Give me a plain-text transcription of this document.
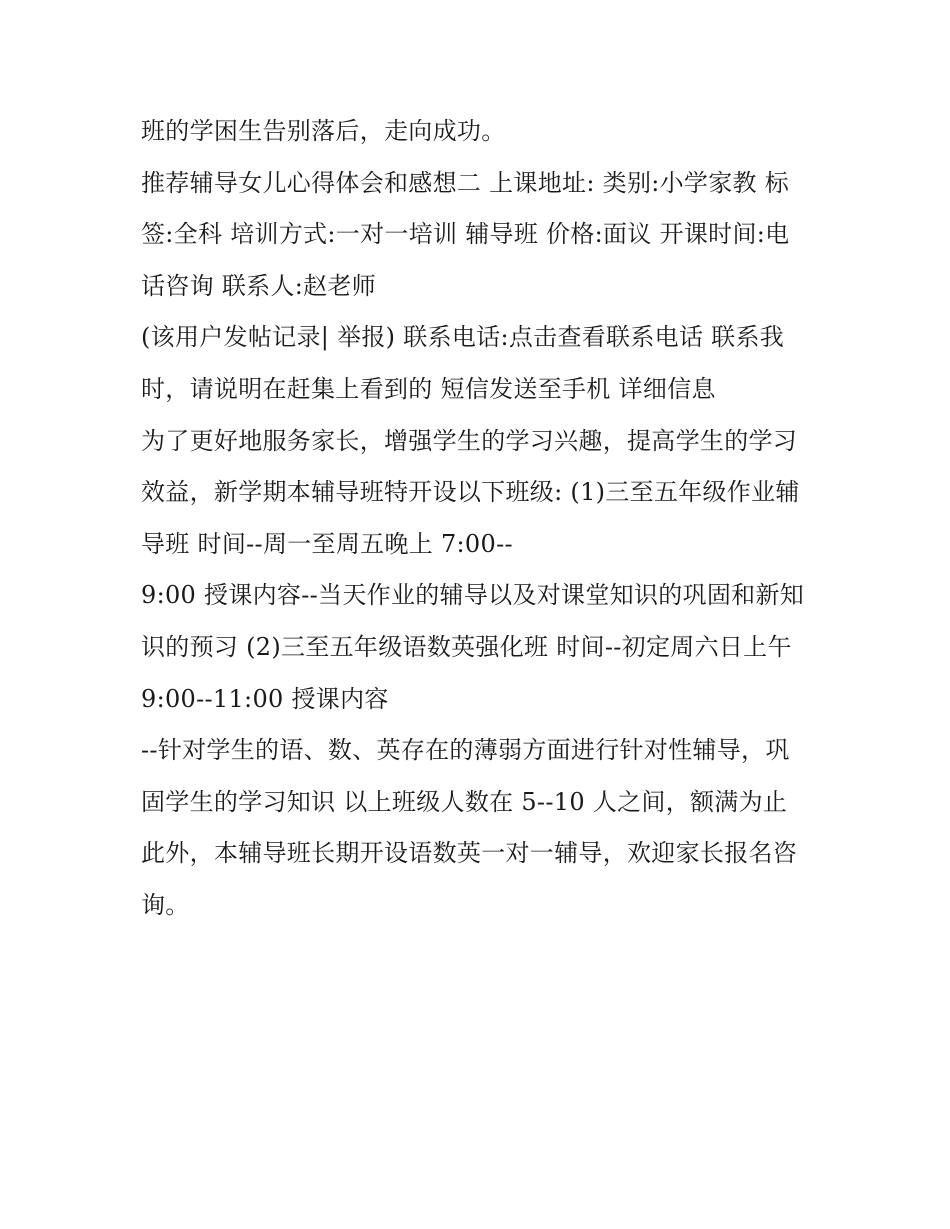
班的学困生告别落后，走向成功。
推荐辅导女儿心得体会和感想二 上课地址: 类别:小学家教 标
签:全科 培训方式:一对一培训 辅导班 价格:面议 开课时间:电
话咨询 联系人:赵老师
(该用户发帖记录| 举报) 联系电话:点击查看联系电话 联系我
时，请说明在赶集上看到的 短信发送至手机 详细信息
为了更好地服务家长，增强学生的学习兴趣，提高学生的学习
效益，新学期本辅导班特开设以下班级: (1)三至五年级作业辅
导班 时间--周一至周五晚上 7:00--
9:00 授课内容--当天作业的辅导以及对课堂知识的巩固和新知
识的预习 (2)三至五年级语数英强化班 时间--初定周六日上午
9:00--11:00 授课内容
--针对学生的语、数、英存在的薄弱方面进行针对性辅导，巩
固学生的学习知识 以上班级人数在 5--10 人之间，额满为止
此外，本辅导班长期开设语数英一对一辅导，欢迎家长报名咨
询。
